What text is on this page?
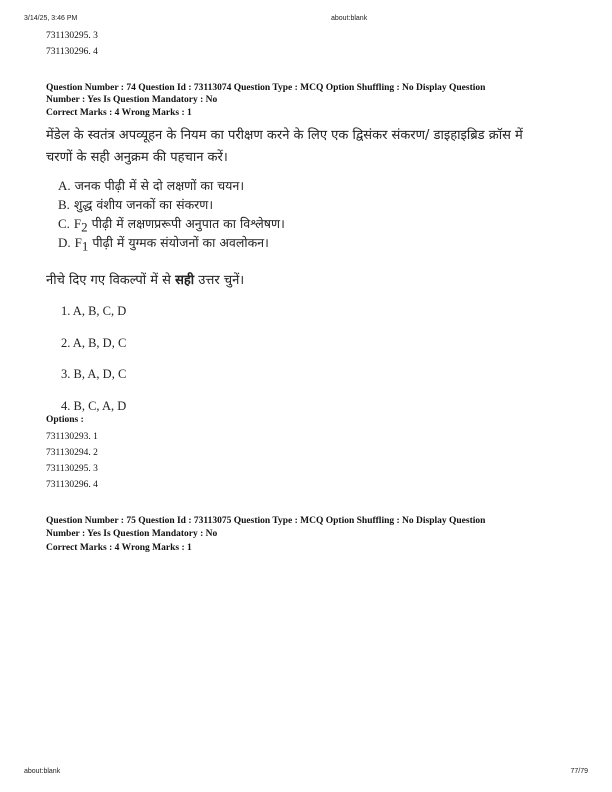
3/14/25, 3:46 PM	about:blank
731130295. 3
731130296. 4
Question Number : 74 Question Id : 73113074 Question Type : MCQ Option Shuffling : No Display Question
Number : Yes Is Question Mandatory : No
Correct Marks : 4 Wrong Marks : 1
मेंडेल के स्वतंत्र अपव्यूहन के नियम का परीक्षण करने के लिए एक द्विसंकर संकरण/ डाइहाइब्रिड क्रॉस में
चरणों के सही अनुक्रम की पहचान करें।
A. जनक पीढ़ी में से दो लक्षणों का चयन।
B. शुद्ध वंशीय जनकों का संकरण।
C. $F_2$ पीढ़ी में लक्षणप्ररूपी अनुपात का विश्लेषण।
D. $F_1$ पीढ़ी में युग्मक संयोजनों का अवलोकन।
नीचे दिए गए विकल्पों में से सही उत्तर चुनें।
1. A, B, C, D
2. A, B, D, C
3. B, A, D, C
4. B, C, A, D
Options :
731130293. 1
731130294. 2
731130295. 3
731130296. 4
Question Number : 75 Question Id : 73113075 Question Type : MCQ Option Shuffling : No Display Question
Number : Yes Is Question Mandatory : No
Correct Marks : 4 Wrong Marks : 1
about:blank	77/79
